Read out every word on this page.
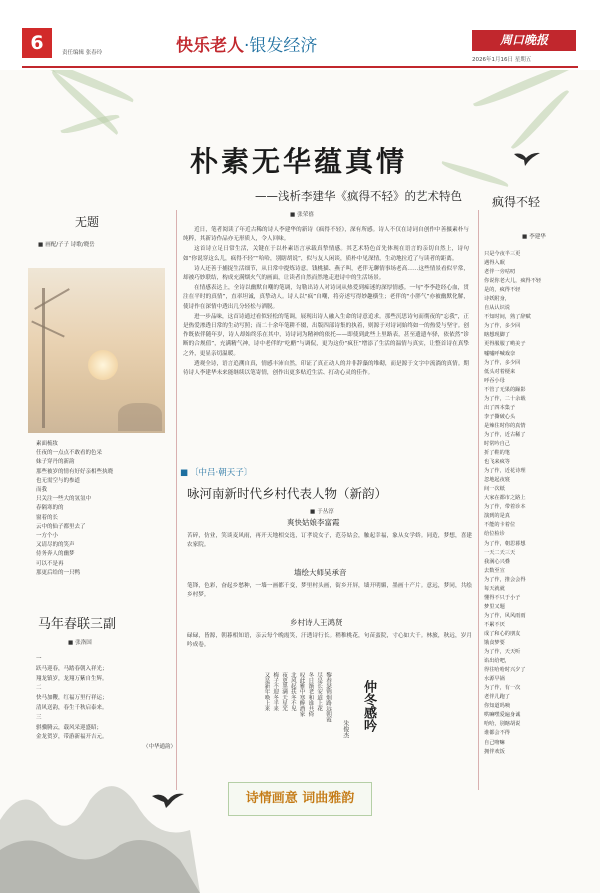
6	责任编辑 张春玲	快乐老人·银发经济	周口晚报
2026年1月16日 星期五
朴素无华蕴真情
——浅析李建华《疯得不轻》的艺术特色
■ 张荣禧

近日，笔者阅读了年近古稀的诗人李建华的新诗《疯得不轻》，深有所感。诗人不仅在诗词自创作中善摄素朴与纯粹，其新诗作品亦无形质人，令人回味。

这首诗立足日常生活，关键在于以朴素语言承载真挚情感。其艺术特色首先体现在语言的亲切自然上，诗句如“你说穿这么儿，疯得不轻”“哈哈，别瞎胡说”，似与友人闲谈，质朴中见深情，生动地拉近了与读者的距离。

诗人还善于捕捉生活细节，从日常中提炼诗意。钱桃猫、燕子叫，老伴无聊情事场老高……这些情景看似平常，却被巧妙联结，构成充满烟火气的画面，让读者自然而然地走进诗中的生活场景。

在情感表达上，全诗以幽默自嘲的笔调，勾勒出诗人对诗词从热爱到痴迷的深厚情感。一句“李李趁经心血，贯注在平时的真情”，直率坦诚，真挚动人。诗人以“疯”自嘲，将旁述写得妙趣横生；老伴的“小胖气”亦被幽默化解，使诗作在深情中透出几分轻松与洒脱。

进一步品味，这首诗通过看似轻松的笔调，展现出诗人融入生命的诗意追求。那些沉思诗句而彻夜的“忘我”，正是热爱渗透日常的生动写照；而二十余年笔耕不辍，出版四部诗集的执着，则源于对诗词始终如一的热爱与坚守。创作既依伴随年岁，诗人却始终乐在其中，诗诗词为精神的依托——即使到此些上里路表，甚至遗遗车驿，依依然“诊断的合规值”，充满精气神，诗中老伴的“吃醋”与调侃，更为这份“疯狂”增添了生活的温情与真实，让整首诗在真挚之外，更显亲切温暖。

透观全诗，语言追溯自真，情感丰沛自然，印证了真正动人的并非辞藻的堆砌，而是源于文字中流淌的真情。期待诗人李建华未来能继续以笔寄情，创作出更多贴近生活、打动心灵的佳作。

无题
■ 画配/子子 诗歌/晓岳
素面梳妆
任夜的一点点不敢看的色采
妹子穿丹的新韵
那些被岁的情有好好亲相些执晓
也无需空与的参道
而我
只关注一些大的氢氢中
春隔寒的的
窗着的长
云中的仙子都里去了
一方个小
又请尽的的笑声
侍务奔人的幽梦
可以不是再
那更后给的一只鸭
马年春联三副
■ 张洛国
一
跃马迎春，马踏春朝入祥光；
翔龙镇岁，龙翔万紫自生辉。
二
快马加鞭，红福万里行祥运；
清风送韵，春生千秋启泰来。
三
骐骥腾云，载风采迎盛昭；
金龙贺岁，带游新福开吉元。
（中华通韵）
疯得不轻
■ 李建华
只是今夜半三更
遇得入眠
老伴一旁咕叨
你说你老大儿，疯得不轻
是的，疯得不轻
诗妖附身，
自从认识说
不知时间，熟了辞赋
为了作，多少回
瞎想现脚了
更得服服了哟美子
嘘嘘呼喊戏奈
为了作，多少回
低头对着梗来
呼吞小母
不管了无果的躁影
为了作，二十余载
出了四本集子
李子撕破心头
是辣住时你的真情
为了作，近古稀了
时常吟自己
折了鞋的笔
也飞来疯等
为了作，近花诗理
忽地起夜寝
间一次纸
大家在都市之路上
为了作，带着诊本
演到的是真
不能的卡着位
给位检诊
为了作，朝思暮想
一天二天三天
我满心兴叠
去数至宣
为了作，推会会得
每天就就
懂得不只于小子
梦里又题
为了作，风风雨雨
不累不厌
成了和心的朋友
饿食梦要
为了作，天天听
谄出给吧，
得往哈哈时兴夕了
水源早锅
为了作，有一次
老伴儿跑了
你知道吗咦
哄嘛嘿爱遍身诚
哈哈，别瞎胡说
谁都会不得
自己吻嘛
拥伴欢饭
■ 〔中吕·朝天子〕
咏河南新时代乡村代表人物（新韵）
■ 于丛淳
爽快姑娘李富霞
苦碎，仿业，笑谈麦风雨，再开天地相交选，订孝说女子，范芬姑会，触起幸福，象从女学娇。同造，梦想，喜建农家院。
墙绘大师吴承音
笔锋，色彩，奋起乡愁种，一墙一画都千变，梦里村头画，街乡开屏，墙开明媚，墨画十产片。意远，梦同，共绘乡村梦。
乡村诗人王鸿贤
碌碌，皆源，朝暮相知语，亲云每个晚霞笑，汗透诗行长。稍稚桃花，句苗蛮院，寸心如大千。林旅，秋远，岁月吟成卷。
黎春瑟锦烟路远朝霞
尽是长安道上花
冬日渐老和谁共倚
叹此雅中寒醉酒家
北风起扶冬不见
夜更黑满天星光
梅子不迎冬半来
又是新年唤上来	仲冬感吟
朱俊杰
诗情画意 词曲雅韵
